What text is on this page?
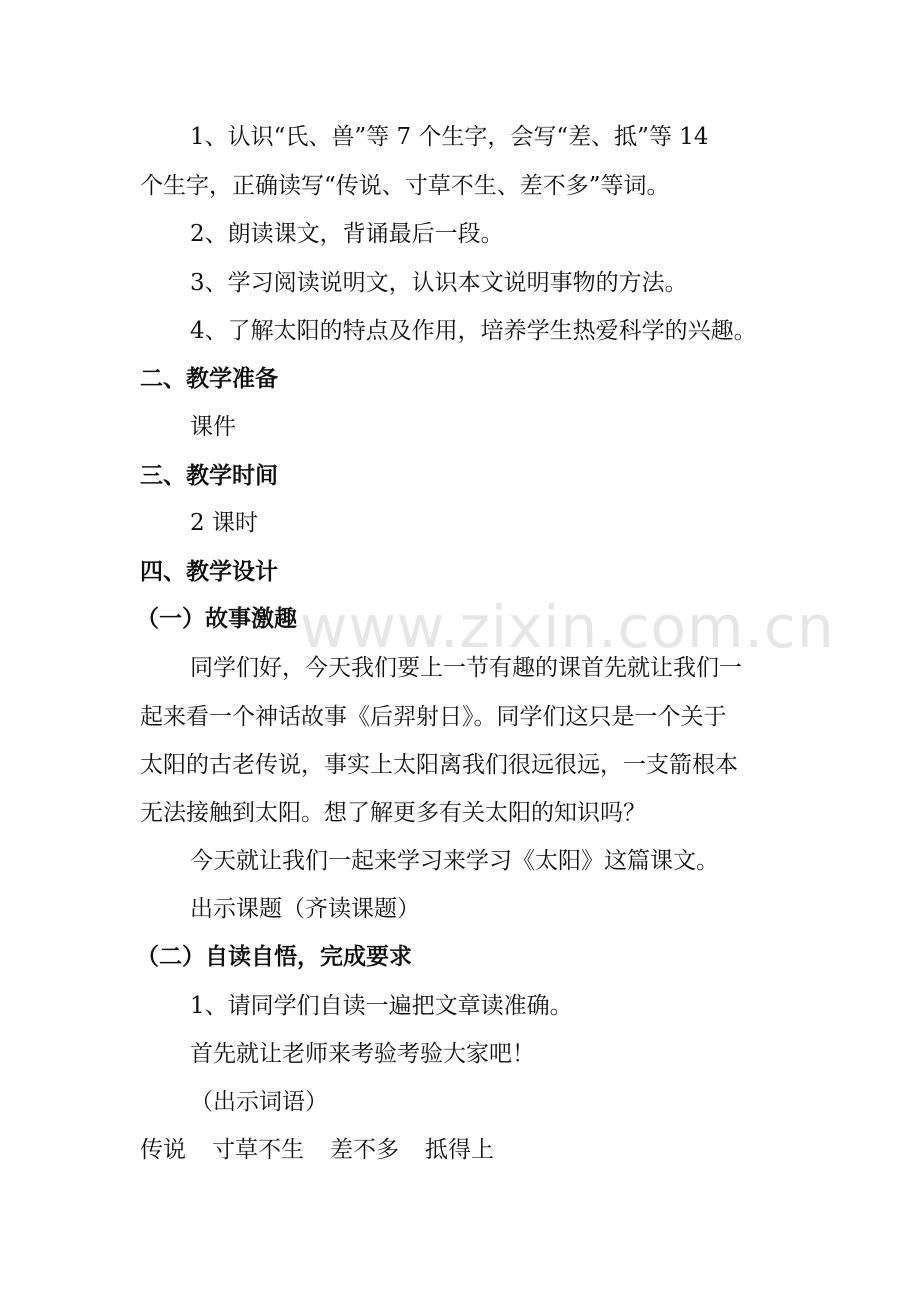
www.zixin.com.cn
1、认识“氏、兽”等 7 个生字，会写“差、抵”等 14
个生字，正确读写“传说、寸草不生、差不多”等词。
2、朗读课文，背诵最后一段。
3、学习阅读说明文，认识本文说明事物的方法。
4、了解太阳的特点及作用，培养学生热爱科学的兴趣。
二、教学准备
课件
三、教学时间
2 课时
四、教学设计
（一）故事激趣
同学们好，今天我们要上一节有趣的课首先就让我们一
起来看一个神话故事《后羿射日》。同学们这只是一个关于
太阳的古老传说，事实上太阳离我们很远很远，一支箭根本
无法接触到太阳。想了解更多有关太阳的知识吗？
今天就让我们一起来学习来学习《太阳》这篇课文。
出示课题（齐读课题）
（二）自读自悟，完成要求
1、请同学们自读一遍把文章读准确。
首先就让老师来考验考验大家吧！
（出示词语）
传说 寸草不生 差不多 抵得上
